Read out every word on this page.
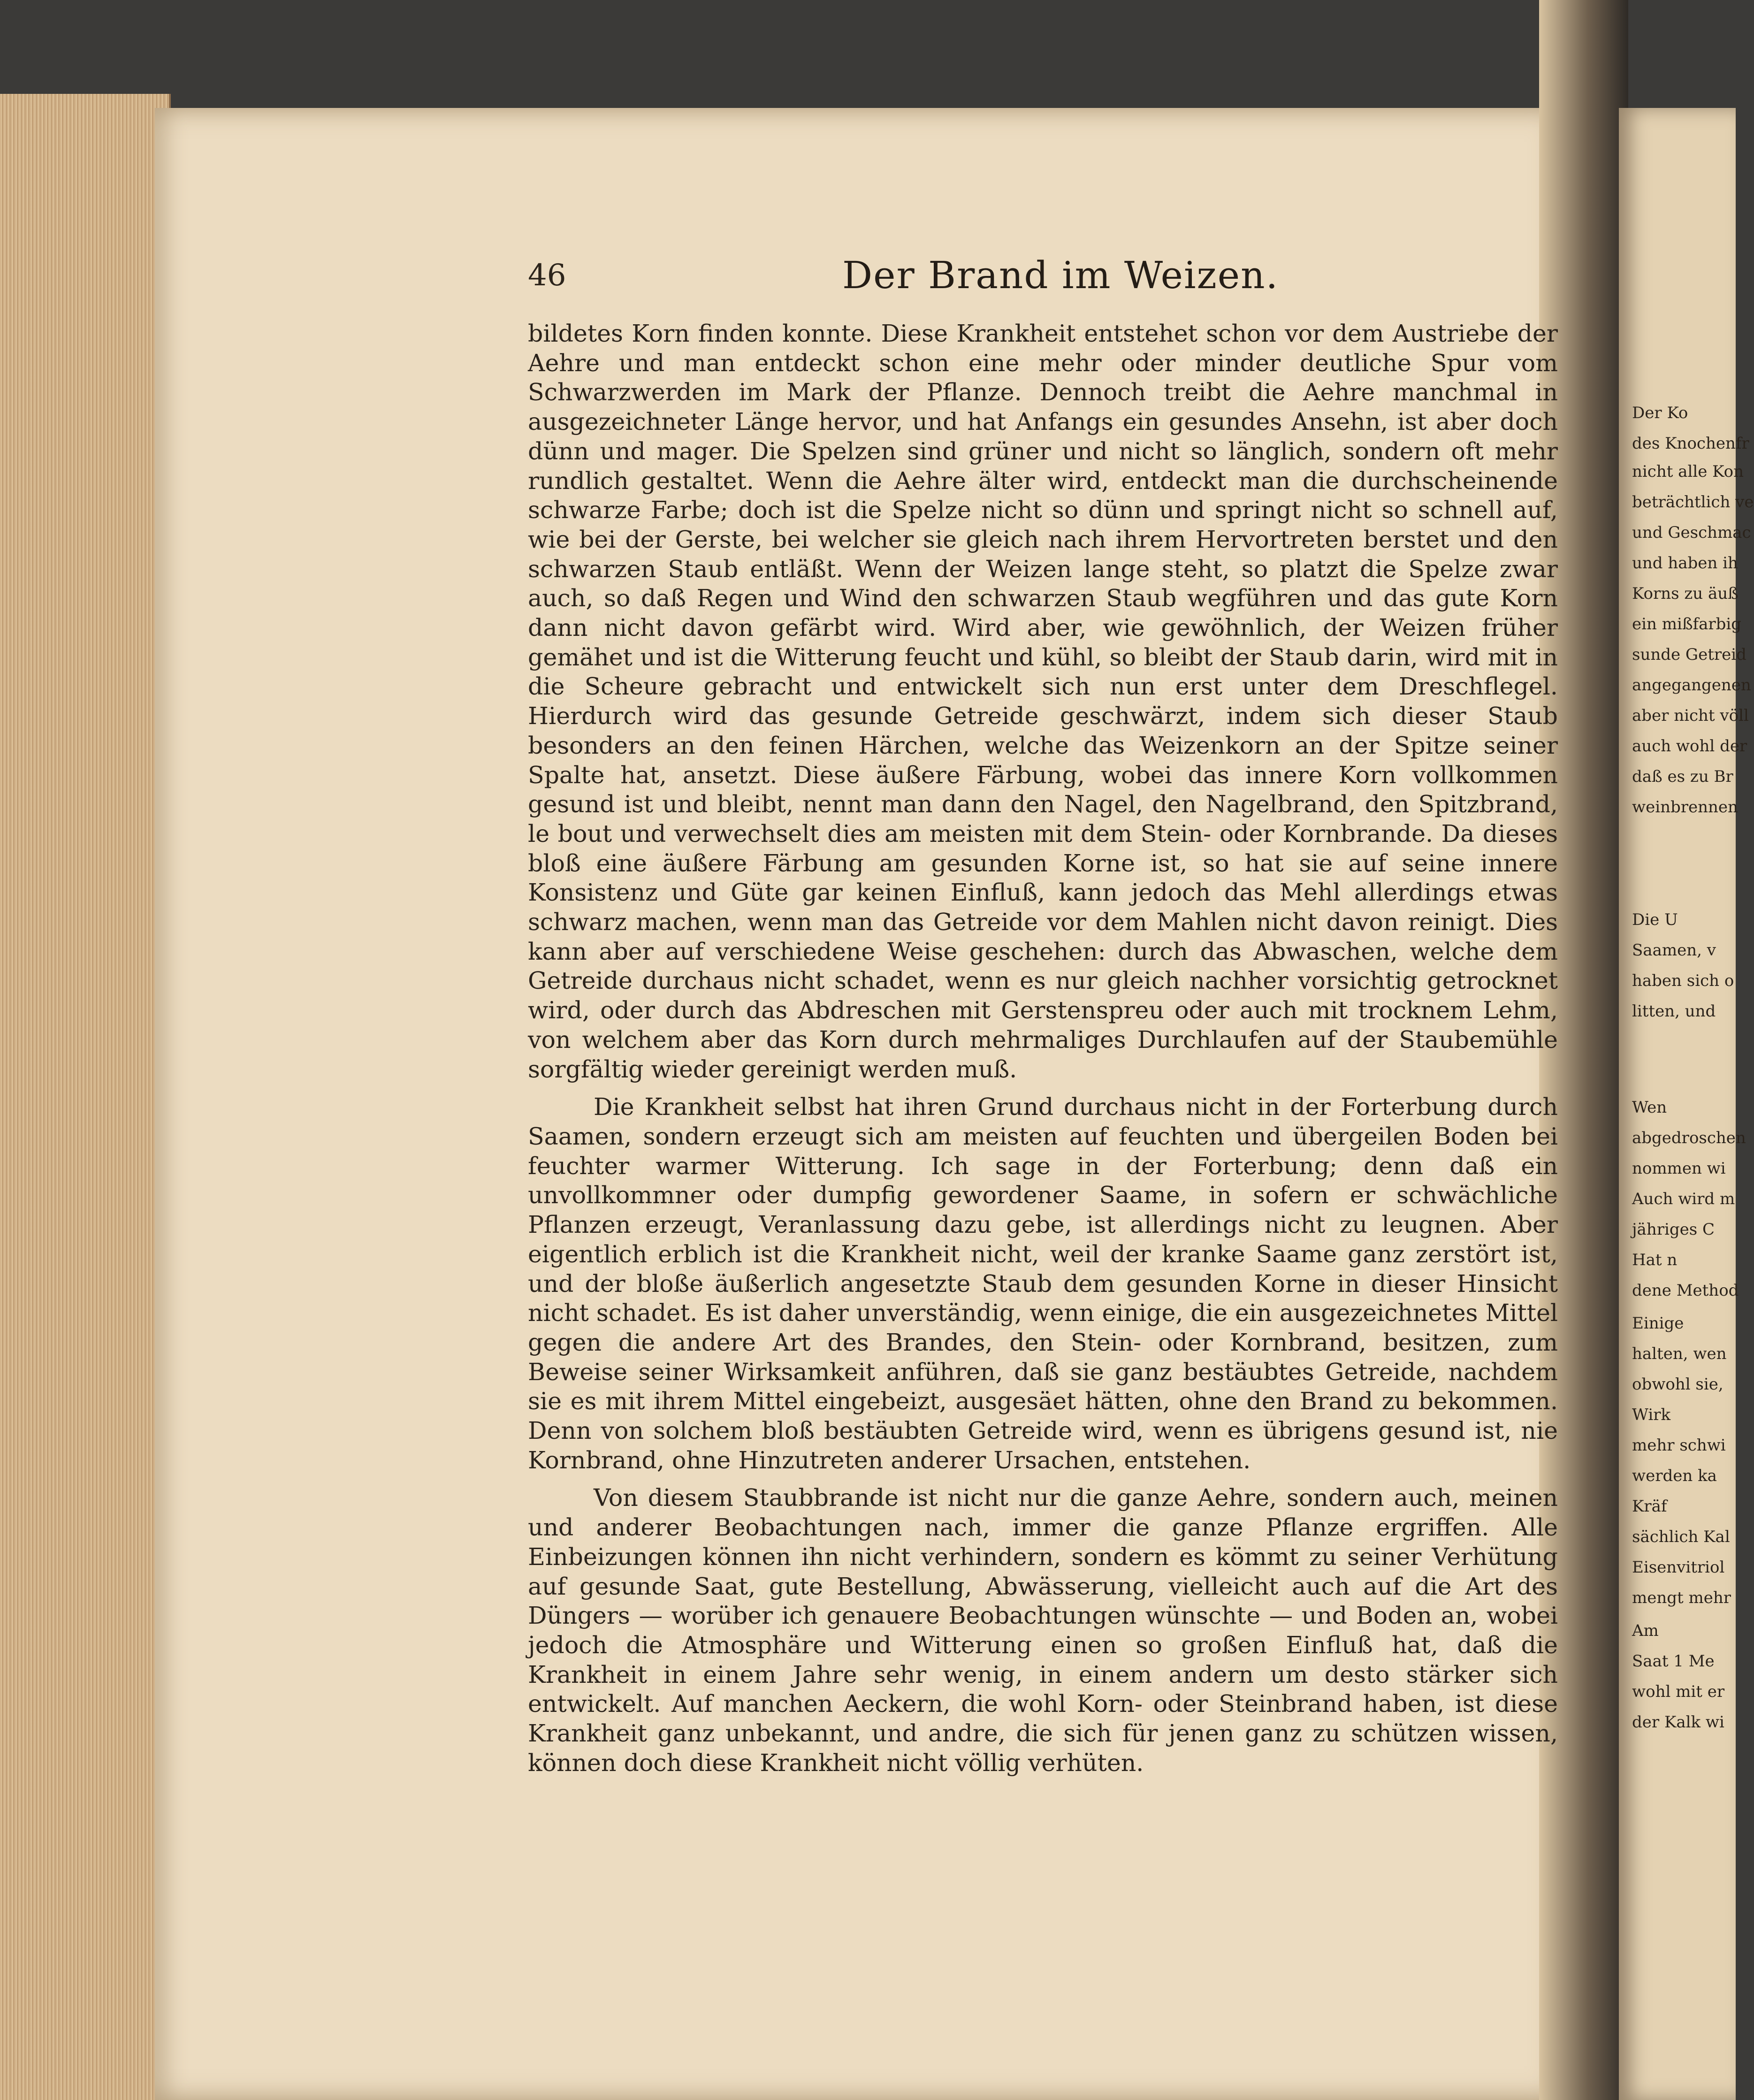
46	Der Brand im Weizen.

bildetes Korn finden konnte. Diese Krankheit entstehet schon vor dem Austriebe der Aehre und man entdeckt schon eine mehr oder minder deutliche Spur vom Schwarzwerden im Mark der Pflanze. Dennoch treibt die Aehre manchmal in ausgezeichneter Länge hervor, und hat Anfangs ein gesundes Ansehn, ist aber doch dünn und mager. Die Spelzen sind grüner und nicht so länglich, sondern oft mehr rundlich gestaltet. Wenn die Aehre älter wird, entdeckt man die durchscheinende schwarze Farbe; doch ist die Spelze nicht so dünn und springt nicht so schnell auf, wie bei der Gerste, bei welcher sie gleich nach ihrem Hervortreten berstet und den schwarzen Staub entläßt. Wenn der Weizen lange steht, so platzt die Spelze zwar auch, so daß Regen und Wind den schwarzen Staub wegführen und das gute Korn dann nicht davon gefärbt wird. Wird aber, wie gewöhnlich, der Weizen früher gemähet und ist die Witterung feucht und kühl, so bleibt der Staub darin, wird mit in die Scheure gebracht und entwickelt sich nun erst unter dem Dreschflegel. Hierdurch wird das gesunde Getreide geschwärzt, indem sich dieser Staub besonders an den feinen Härchen, welche das Weizenkorn an der Spitze seiner Spalte hat, ansetzt. Diese äußere Färbung, wobei das innere Korn vollkommen gesund ist und bleibt, nennt man dann den Nagel, den Nagelbrand, den Spitzbrand, le bout und verwechselt dies am meisten mit dem Stein- oder Kornbrande. Da dieses bloß eine äußere Färbung am gesunden Korne ist, so hat sie auf seine innere Konsistenz und Güte gar keinen Einfluß, kann jedoch das Mehl allerdings etwas schwarz machen, wenn man das Getreide vor dem Mahlen nicht davon reinigt. Dies kann aber auf verschiedene Weise geschehen: durch das Abwaschen, welche dem Getreide durchaus nicht schadet, wenn es nur gleich nachher vorsichtig getrocknet wird, oder durch das Abdreschen mit Gerstenspreu oder auch mit trocknem Lehm, von welchem aber das Korn durch mehrmaliges Durchlaufen auf der Staubemühle sorgfältig wieder gereinigt werden muß.

Die Krankheit selbst hat ihren Grund durchaus nicht in der Forterbung durch Saamen, sondern erzeugt sich am meisten auf feuchten und übergeilen Boden bei feuchter warmer Witterung. Ich sage in der Forterbung; denn daß ein unvollkommner oder dumpfig gewordener Saame, in sofern er schwächliche Pflanzen erzeugt, Veranlassung dazu gebe, ist allerdings nicht zu leugnen. Aber eigentlich erblich ist die Krankheit nicht, weil der kranke Saame ganz zerstört ist, und der bloße äußerlich angesetzte Staub dem gesunden Korne in dieser Hinsicht nicht schadet. Es ist daher unverständig, wenn einige, die ein ausgezeichnetes Mittel gegen die andere Art des Brandes, den Stein- oder Kornbrand, besitzen, zum Beweise seiner Wirksamkeit anführen, daß sie ganz bestäubtes Getreide, nachdem sie es mit ihrem Mittel eingebeizt, ausgesäet hätten, ohne den Brand zu bekommen. Denn von solchem bloß bestäubten Getreide wird, wenn es übrigens gesund ist, nie Kornbrand, ohne Hinzutreten anderer Ursachen, entstehen.

Von diesem Staubbrande ist nicht nur die ganze Aehre, sondern auch, meinen und anderer Beobachtungen nach, immer die ganze Pflanze ergriffen. Alle Einbeizungen können ihn nicht verhindern, sondern es kömmt zu seiner Verhütung auf gesunde Saat, gute Bestellung, Abwässerung, vielleicht auch auf die Art des Düngers — worüber ich genauere Beobachtungen wünschte — und Boden an, wobei jedoch die Atmosphäre und Witterung einen so großen Einfluß hat, daß die Krankheit in einem Jahre sehr wenig, in einem andern um desto stärker sich entwickelt. Auf manchen Aeckern, die wohl Korn- oder Steinbrand haben, ist diese Krankheit ganz unbekannt, und andre, die sich für jenen ganz zu schützen wissen, können doch diese Krankheit nicht völlig verhüten.

Der Ko
des Knochenfr
nicht alle Kon
beträchtlich ve
und Geschmac
und haben ih
Korns zu äuß
ein mißfarbig
sunde Getreid
angegangenen
aber nicht völl
auch wohl der
daß es zu Br
weinbrennen
Die U
Saamen, v
haben sich o
litten, und
Wen
abgedroschen
nommen wi
Auch wird m
jähriges C
Hat n
dene Method
Einige
halten, wen
obwohl sie,
Wirk
mehr schwi
werden ka
Kräf
sächlich Kal
Eisenvitriol
mengt mehr
Am
Saat 1 Me
wohl mit er
der Kalk wi
